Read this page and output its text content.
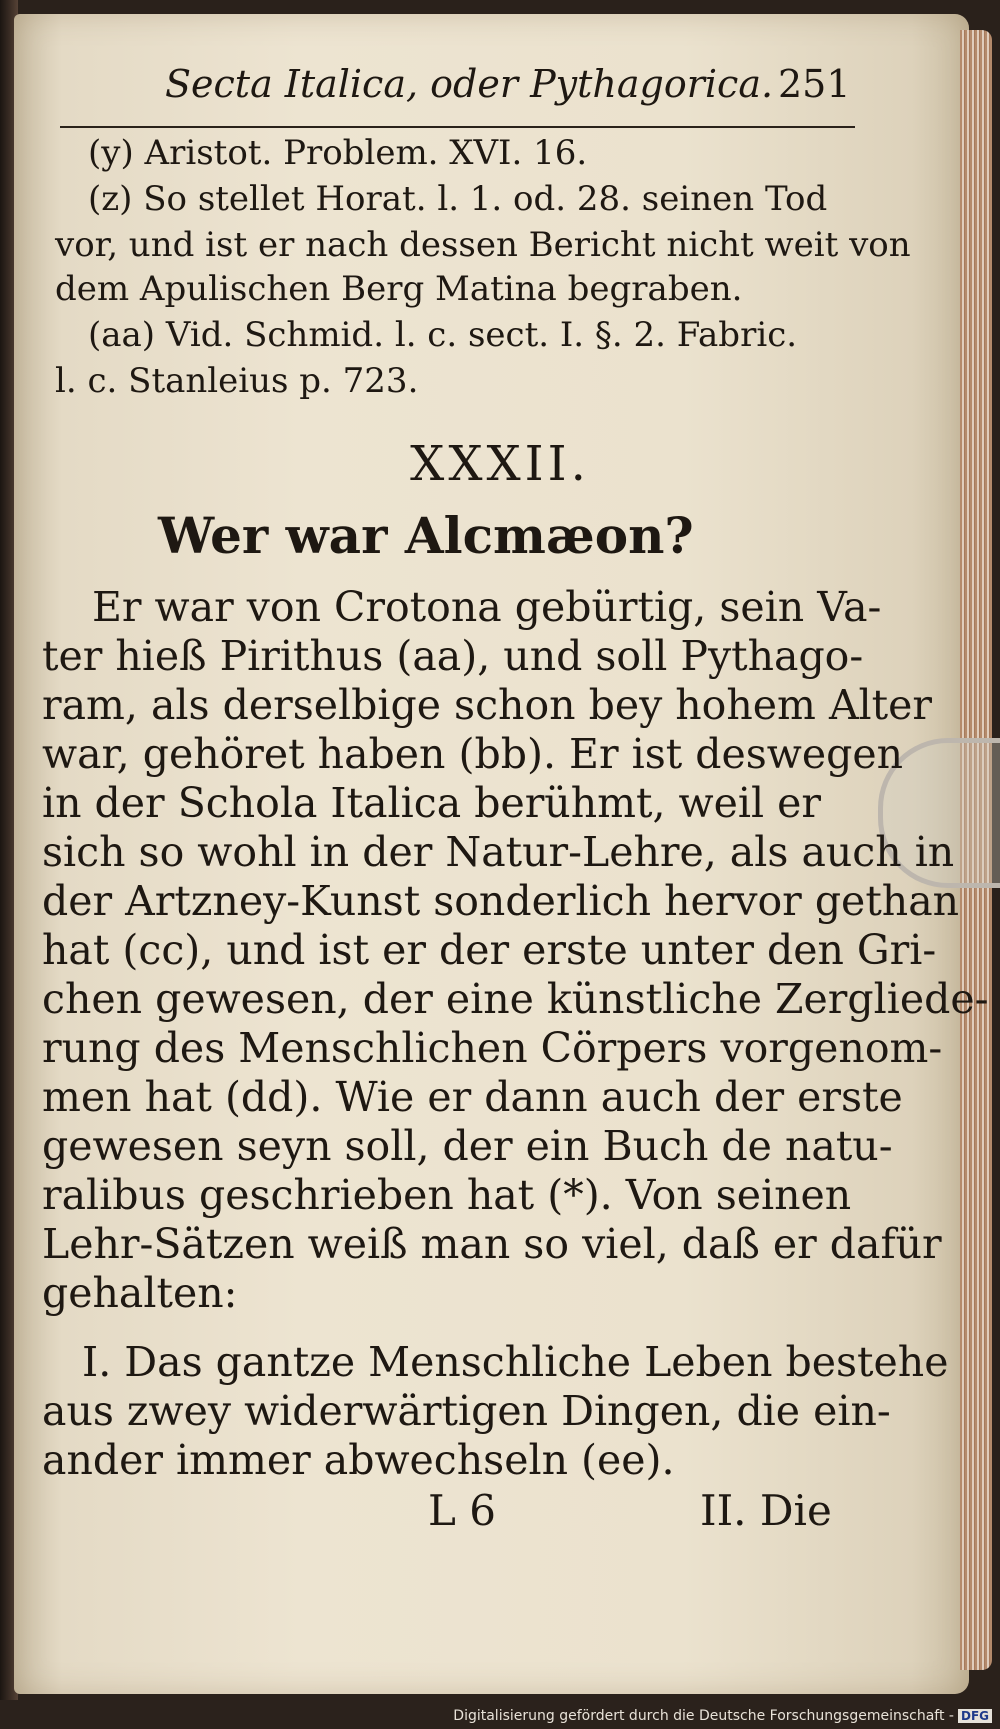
Secta Italica, oder Pythagorica. 251
(y) Aristot. Problem. XVI. 16.
(z) So stellet Horat. l. 1. od. 28. seinen Tod
vor, und ist er nach dessen Bericht nicht weit von
dem Apulischen Berg Matina begraben.
(aa) Vid. Schmid. l. c. sect. I. §. 2. Fabric.
l. c. Stanleius p. 723.
XXXII.
Wer war Alcmæon?
Er war von Crotona gebürtig, sein Va-
ter hieß Pirithus (aa), und soll Pythago-
ram, als derselbige schon bey hohem Alter
war, gehöret haben (bb). Er ist deswegen
in der Schola Italica berühmt, weil er
sich so wohl in der Natur-Lehre, als auch in
der Artzney-Kunst sonderlich hervor gethan
hat (cc), und ist er der erste unter den Gri-
chen gewesen, der eine künstliche Zergliede-
rung des Menschlichen Cörpers vorgenom-
men hat (dd). Wie er dann auch der erste
gewesen seyn soll, der ein Buch de natu-
ralibus geschrieben hat (*). Von seinen
Lehr-Sätzen weiß man so viel, daß er dafür
gehalten:
I. Das gantze Menschliche Leben bestehe
aus zwey widerwärtigen Dingen, die ein-
ander immer abwechseln (ee).
L 6	II. Die
Digitalisierung gefördert durch die Deutsche Forschungsgemeinschaft - DFG
